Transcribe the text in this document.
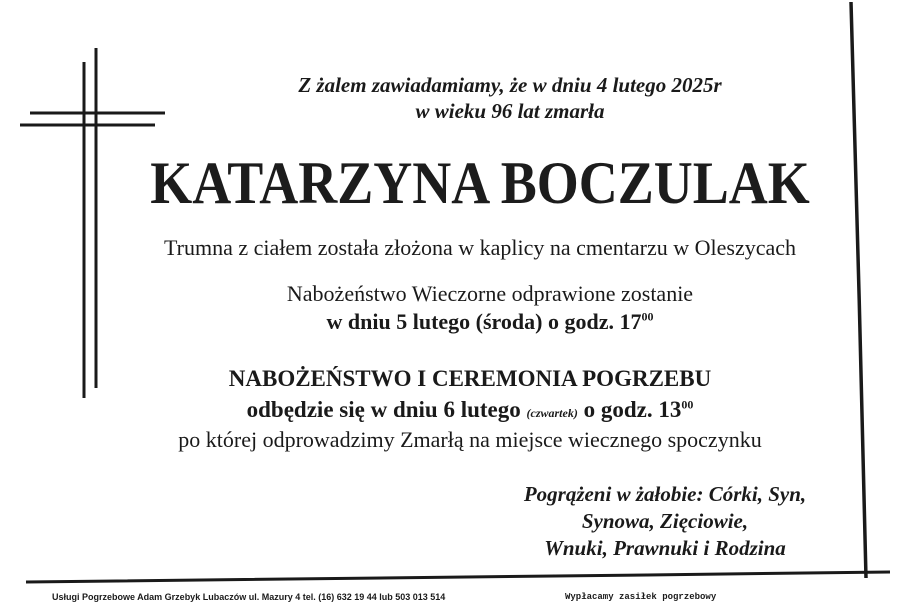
Z żalem zawiadamiamy, że w dniu 4 lutego 2025r
w wieku 96 lat zmarła
KATARZYNA BOCZULAK
Trumna z ciałem została złożona w kaplicy na cmentarzu w Oleszycach
Nabożeństwo Wieczorne odprawione zostanie
w dniu 5 lutego (środa) o godz. $17^{00}$
NABOŻEŃSTWO I CEREMONIA POGRZEBU
odbędzie się w dniu 6 lutego (czwartek) o godz. $13^{00}$
po której odprowadzimy Zmarłą na miejsce wiecznego spoczynku
Pogrążeni w żałobie: Córki, Syn,
Synowa, Zięciowie,
Wnuki, Prawnuki i Rodzina
Usługi Pogrzebowe Adam Grzebyk Lubaczów ul. Mazury 4 tel. (16) 632 19 44 lub 503 013 514	Wypłacamy zasiłek pogrzebowy
